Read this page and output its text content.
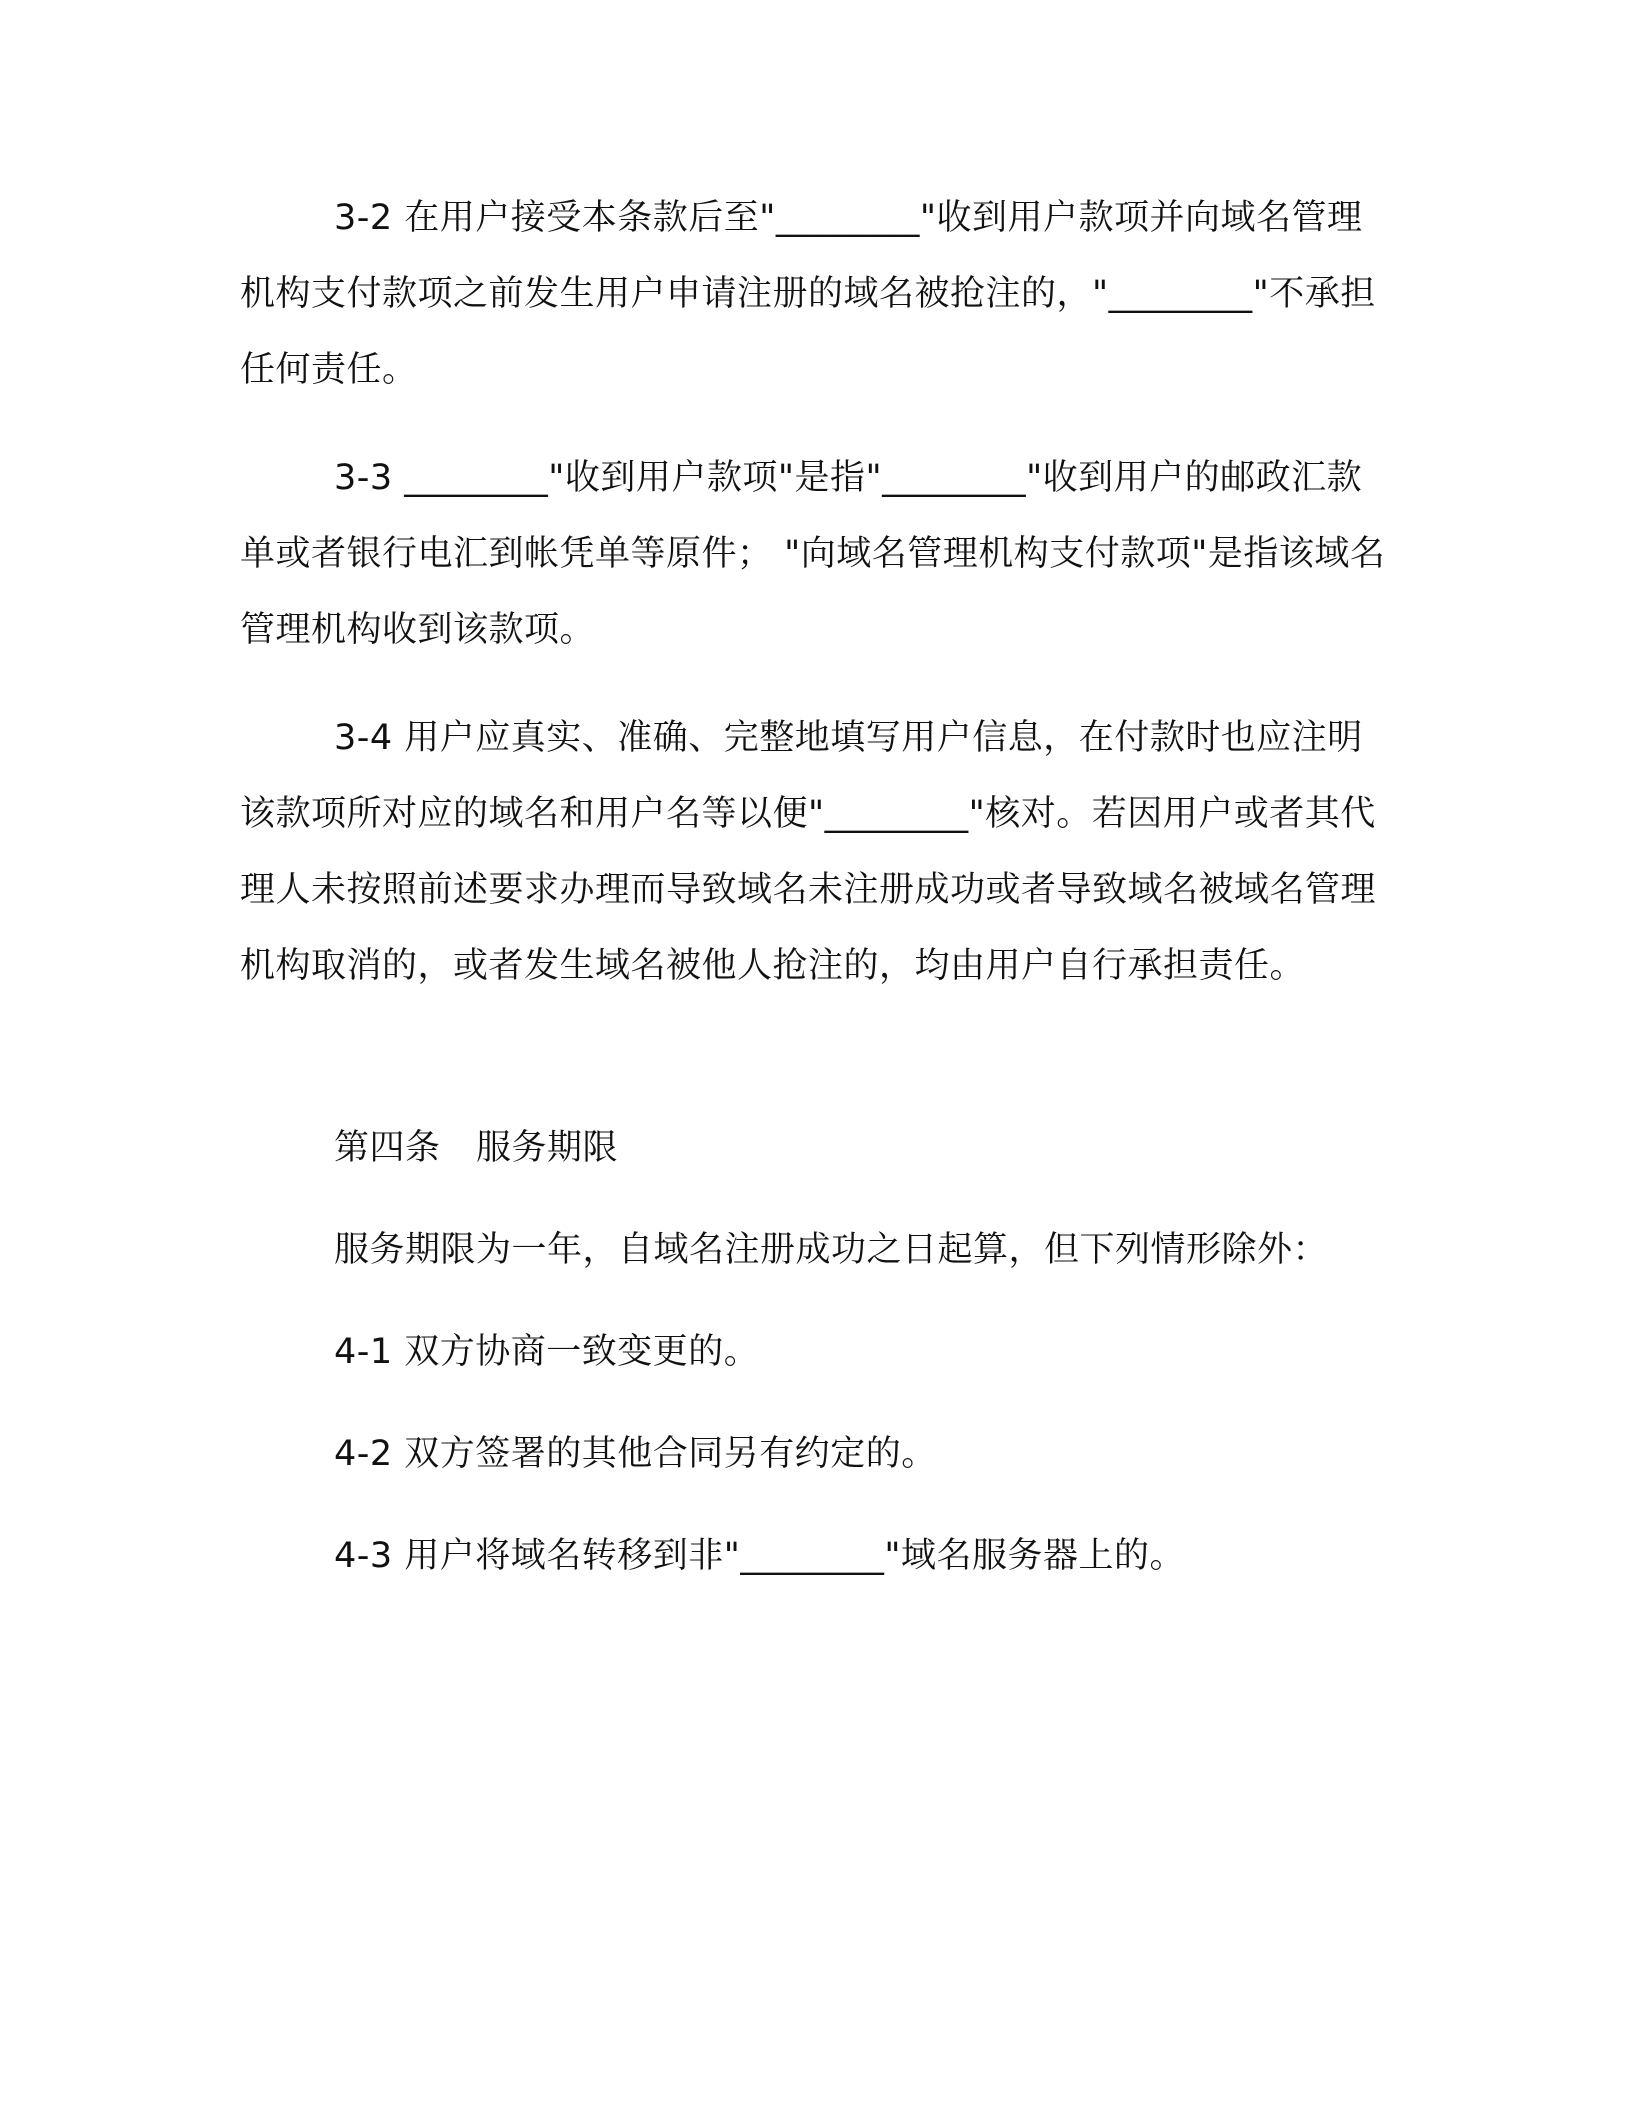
3-2 在用户接受本条款后至"________"收到用户款项并向域名管理机构支付款项之前发生用户申请注册的域名被抢注的，"________"不承担任何责任。

3-3 ________"收到用户款项"是指"________"收到用户的邮政汇款单或者银行电汇到帐凭单等原件； "向域名管理机构支付款项"是指该域名管理机构收到该款项。

3-4 用户应真实、准确、完整地填写用户信息，在付款时也应注明该款项所对应的域名和用户名等以便"________"核对。若因用户或者其代理人未按照前述要求办理而导致域名未注册成功或者导致域名被域名管理机构取消的，或者发生域名被他人抢注的，均由用户自行承担责任。

第四条　服务期限

服务期限为一年，自域名注册成功之日起算，但下列情形除外：

4-1 双方协商一致变更的。

4-2 双方签署的其他合同另有约定的。

4-3 用户将域名转移到非"________"域名服务器上的。
